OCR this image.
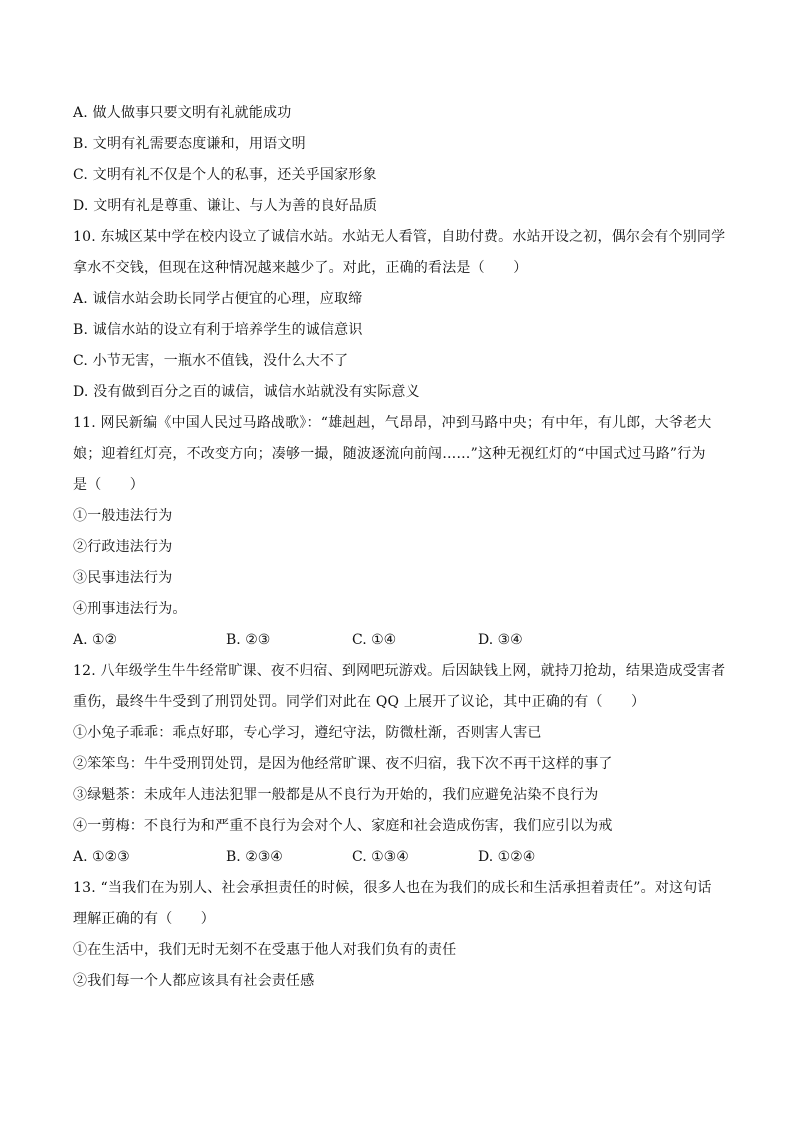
A. 做人做事只要文明有礼就能成功
B. 文明有礼需要态度谦和，用语文明
C. 文明有礼不仅是个人的私事，还关乎国家形象
D. 文明有礼是尊重、谦让、与人为善的良好品质
10. 东城区某中学在校内设立了诚信水站。水站无人看管，自助付费。水站开设之初，偶尔会有个别同学
拿水不交钱，但现在这种情况越来越少了。对此，正确的看法是（　　）
A. 诚信水站会助长同学占便宜的心理，应取缔
B. 诚信水站的设立有利于培养学生的诚信意识
C. 小节无害，一瓶水不值钱，没什么大不了
D. 没有做到百分之百的诚信，诚信水站就没有实际意义
11. 网民新编《中国人民过马路战歌》：“雄赳赳，气昂昂，冲到马路中央；有中年，有儿郎，大爷老大
娘；迎着红灯亮，不改变方向；凑够一撮，随波逐流向前闯……”这种无视红灯的“中国式过马路”行为
是（　　）
①一般违法行为
②行政违法行为
③民事违法行为
④刑事违法行为。
A. ①②	B. ②③	C. ①④	D. ③④
12. 八年级学生牛牛经常旷课、夜不归宿、到网吧玩游戏。后因缺钱上网，就持刀抢劫，结果造成受害者
重伤，最终牛牛受到了刑罚处罚。同学们对此在 QQ 上展开了议论，其中正确的有（　　）
①小兔子乖乖：乖点好耶，专心学习，遵纪守法，防微杜渐，否则害人害已
②笨笨鸟：牛牛受刑罚处罚，是因为他经常旷课、夜不归宿，我下次不再干这样的事了
③绿魁茶：未成年人违法犯罪一般都是从不良行为开始的，我们应避免沾染不良行为
④一剪梅：不良行为和严重不良行为会对个人、家庭和社会造成伤害，我们应引以为戒
A. ①②③	B. ②③④	C. ①③④	D. ①②④
13. “当我们在为别人、社会承担责任的时候，很多人也在为我们的成长和生活承担着责任”。对这句话
理解正确的有（　　）
①在生活中，我们无时无刻不在受惠于他人对我们负有的责任
②我们每一个人都应该具有社会责任感
